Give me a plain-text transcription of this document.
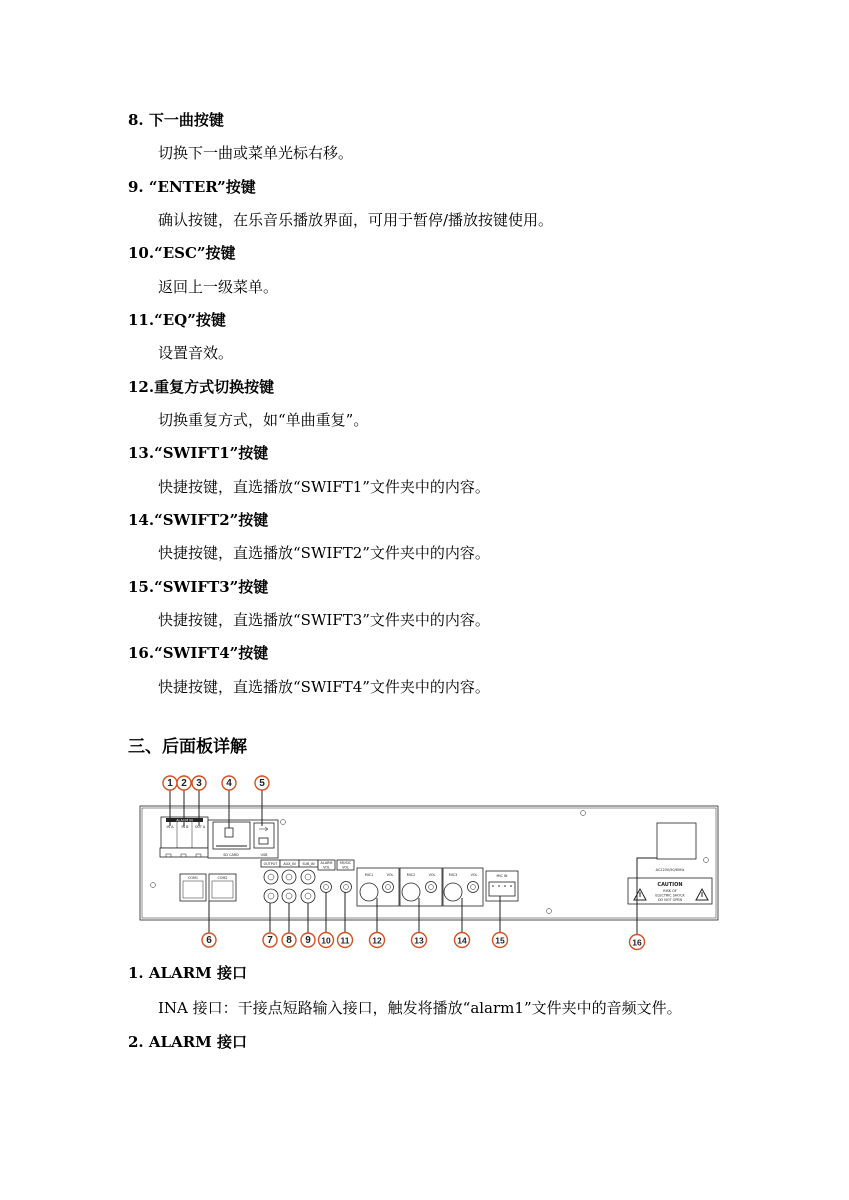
8. 下一曲按键
切换下一曲或菜单光标右移。
9. “ENTER”按键
确认按键，在乐音乐播放界面，可用于暂停/播放按键使用。
10.“ESC”按键
返回上一级菜单。
11.“EQ”按键
设置音效。
12.重复方式切换按键
切换重复方式，如“单曲重复”。
13.“SWIFT1”按键
快捷按键，直选播放“SWIFT1”文件夹中的内容。
14.“SWIFT2”按键
快捷按键，直选播放“SWIFT2”文件夹中的内容。
15.“SWIFT3”按键
快捷按键，直选播放“SWIFT3”文件夹中的内容。
16.“SWIFT4”按键
快捷按键，直选播放“SWIFT4”文件夹中的内容。
三、后面板详解
ALARM IN
IN A IN B OUT A
SD CARD	USB
COM1	COM2
OUTPUT AUX_IN SUB_IN ALARM
VOL
MUSIC
VOL
MIC1	VOL	MIC2	VOL	MIC3	VOL	MIC IN
AC220V/50/60Hz
CAUTION
RISK OF
ELECTRIC SHOCK
DO NOT OPEN
1 2 3 4	5
6	7 8 9 10 11	12	13	14	15	16
1. ALARM 接口
INA 接口：干接点短路输入接口，触发将播放“alarm1”文件夹中的音频文件。
2. ALARM 接口
